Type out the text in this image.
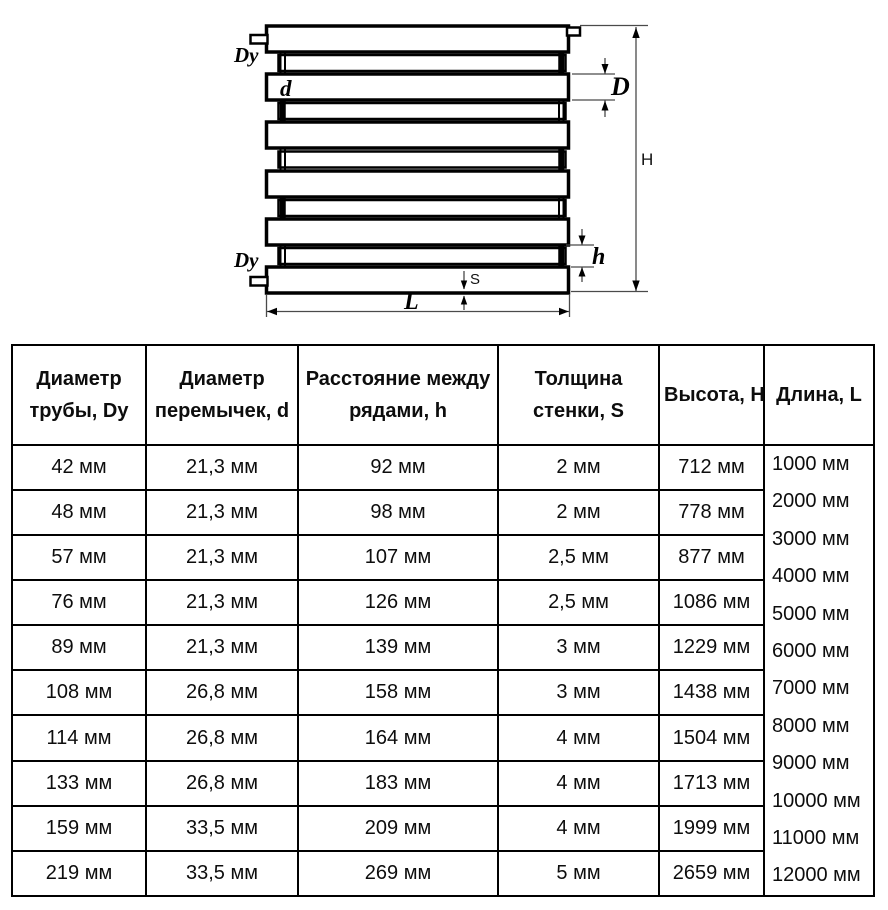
H
D
h
S
L
Dy
Dy
d
Диаметр трубы, Dy	Диаметр перемычек, d	Расстояние между рядами, h	Толщина стенки, S	Высота, H	Длина, L
42 мм	21,3 мм	92 мм	2 мм	712 мм	1000 мм
2000 мм
3000 мм
4000 мм
5000 мм
6000 мм
7000 мм
8000 мм
9000 мм
10000 мм
11000 мм
12000 мм

48 мм	21,3 мм	98 мм	2 мм	778 мм	
57 мм	21,3 мм	107 мм	2,5 мм	877 мм	
76 мм	21,3 мм	126 мм	2,5 мм	1086 мм	
89 мм	21,3 мм	139 мм	3 мм	1229 мм	
108 мм	26,8 мм	158 мм	3 мм	1438 мм	
114 мм	26,8 мм	164 мм	4 мм	1504 мм	
133 мм	26,8 мм	183 мм	4 мм	1713 мм	
159 мм	33,5 мм	209 мм	4 мм	1999 мм	
219 мм	33,5 мм	269 мм	5 мм	2659 мм	
